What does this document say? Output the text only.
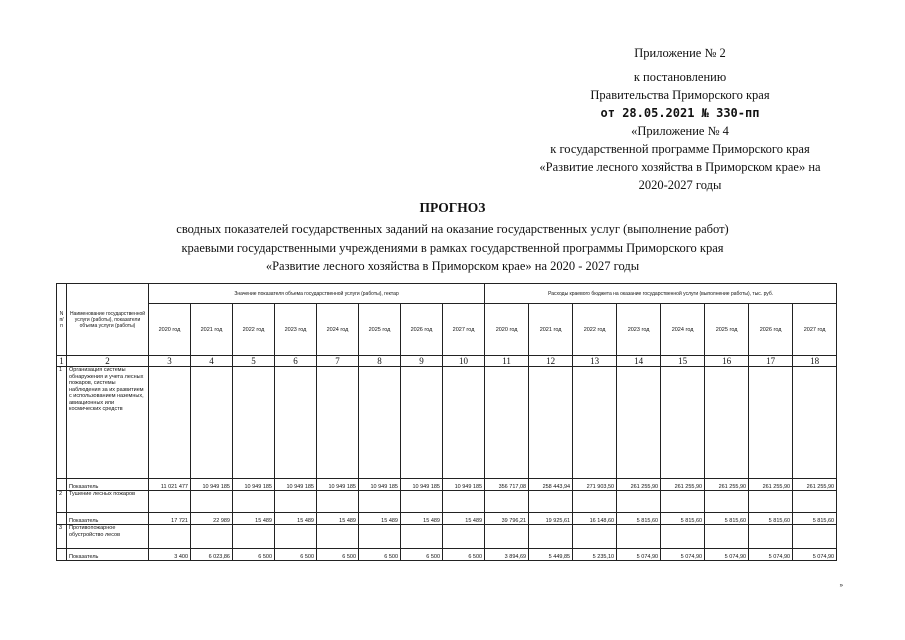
Приложение № 2
к постановлению
Правительства Приморского края
от 28.05.2021 № 330-пп
«Приложение № 4
к государственной программе Приморского края
«Развитие лесного хозяйства в Приморском крае» на
2020-2027 годы
ПРОГНОЗ
сводных показателей государственных заданий на оказание государственных услуг (выполнение работ)
краевыми государственными учреждениями в рамках государственной программы Приморского края
«Развитие лесного хозяйства в Приморском крае» на 2020 - 2027 годы
N п/п	Наименование государственной услуги (работы), показатели объема услуги (работы)	Значение показателя объема государственной услуги (работы), гектар								Расходы краевого бюджета на оказание государственной услуги (выполнение работы), тыс. руб.							
		2020 год	2021 год	2022 год	2023 год	2024 год	2025 год	2026 год	2027 год	2020 год	2021 год	2022 год	2023 год	2024 год	2025 год	2026 год	2027 год
1	2	3	4	5	6	7	8	9	10	11	12	13	14	15	16	17	18
1	Организация системы обнаружения и учета лесных пожаров, системы наблюдения за их развитием с использованием наземных, авиационных или космических средств																
	Показатель	11 021 477	10 949 185	10 949 185	10 949 185	10 949 185	10 949 185	10 949 185	10 949 185	356 717,08	258 443,94	271 903,50	261 255,90	261 255,90	261 255,90	261 255,90	261 255,90
2	Тушение лесных пожаров																
	Показатель	17 721	22 989	15 489	15 489	15 489	15 489	15 489	15 489	39 796,21	19 925,61	16 148,60	5 815,60	5 815,60	5 815,60	5 815,60	5 815,60
3	Противопожарное обустройство лесов																
	Показатель	3 400	6 023,86	6 500	6 500	6 500	6 500	6 500	6 500	3 894,69	5 449,85	5 235,10	5 074,90	5 074,90	5 074,90	5 074,90	5 074,90
»
